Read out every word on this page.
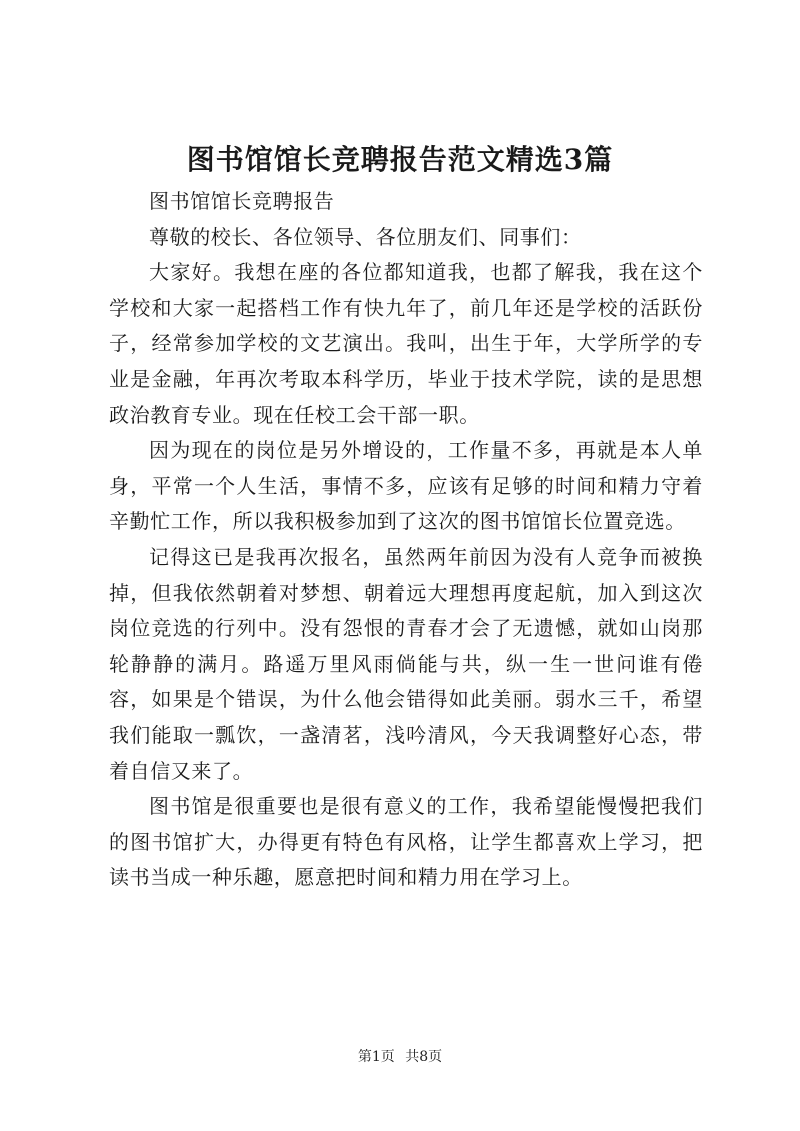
图书馆馆长竞聘报告范文精选3篇

图书馆馆长竞聘报告

尊敬的校长、各位领导、各位朋友们、同事们：

大家好。我想在座的各位都知道我，也都了解我，我在这个学校和大家一起搭档工作有快九年了，前几年还是学校的活跃份子，经常参加学校的文艺演出。我叫，出生于年，大学所学的专业是金融，年再次考取本科学历，毕业于技术学院，读的是思想政治教育专业。现在任校工会干部一职。

因为现在的岗位是另外增设的，工作量不多，再就是本人单身，平常一个人生活，事情不多，应该有足够的时间和精力守着辛勤忙工作，所以我积极参加到了这次的图书馆馆长位置竞选。

记得这已是我再次报名，虽然两年前因为没有人竞争而被换掉，但我依然朝着对梦想、朝着远大理想再度起航，加入到这次岗位竞选的行列中。没有怨恨的青春才会了无遗憾，就如山岗那轮静静的满月。路遥万里风雨倘能与共，纵一生一世问谁有倦容，如果是个错误，为什么他会错得如此美丽。弱水三千，希望我们能取一瓢饮，一盏清茗，浅吟清风，今天我调整好心态，带着自信又来了。

图书馆是很重要也是很有意义的工作，我希望能慢慢把我们的图书馆扩大，办得更有特色有风格，让学生都喜欢上学习，把读书当成一种乐趣，愿意把时间和精力用在学习上。

第1页 共8页
